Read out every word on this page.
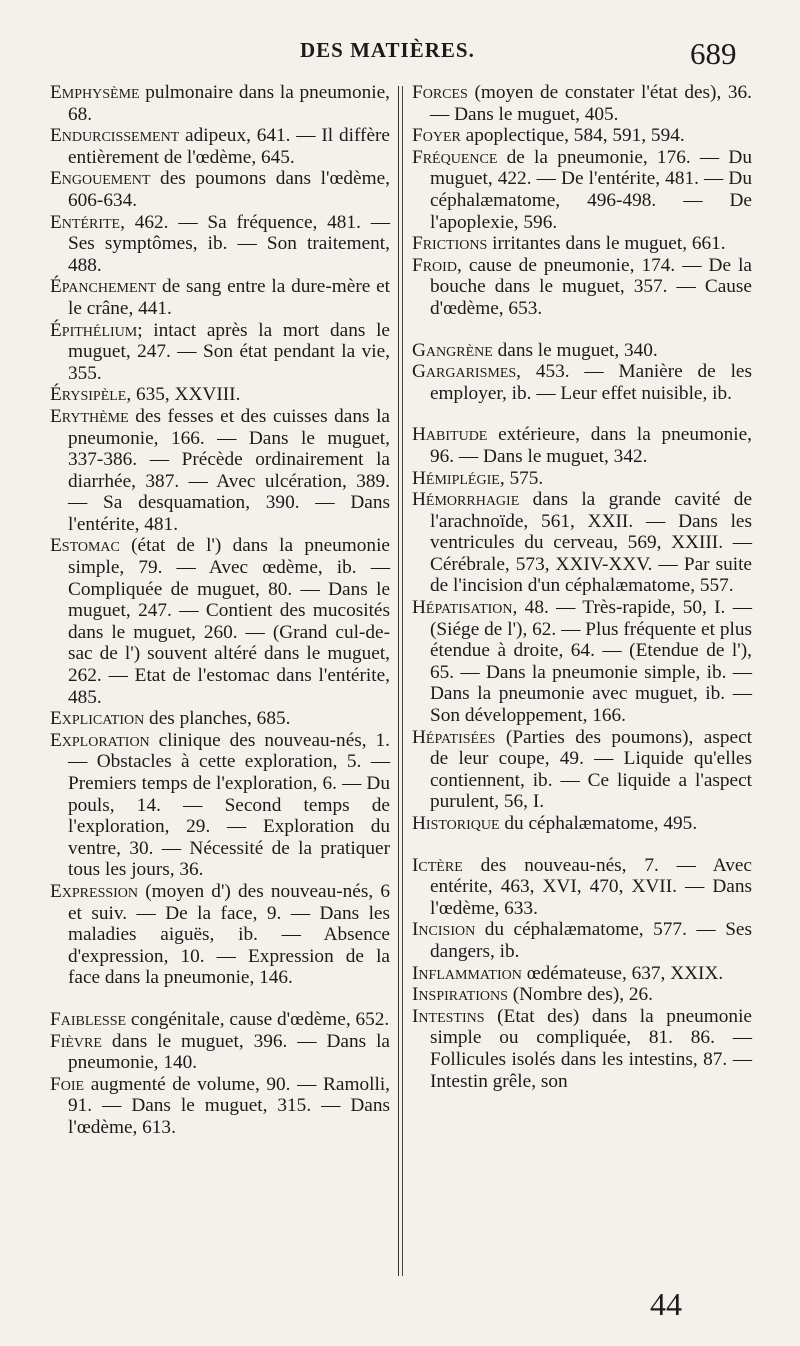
DES MATIÈRES.	689

Emphysème pulmonaire dans la pneumonie, 68.

Endurcissement adipeux, 641. — Il diffère entièrement de l'œdème, 645.

Engouement des poumons dans l'œdème, 606-634.

Entérite, 462. — Sa fréquence, 481. — Ses symptômes, ib. — Son traitement, 488.

Épanchement de sang entre la dure-mère et le crâne, 441.

Épithélium; intact après la mort dans le muguet, 247. — Son état pendant la vie, 355.

Érysipèle, 635, XXVIII.

Erythème des fesses et des cuisses dans la pneumonie, 166. — Dans le muguet, 337-386. — Précède ordinairement la diarrhée, 387. — Avec ulcération, 389. — Sa desquamation, 390. — Dans l'entérite, 481.

Estomac (état de l') dans la pneumonie simple, 79. — Avec œdème, ib. — Compliquée de muguet, 80. — Dans le muguet, 247. — Contient des mucosités dans le muguet, 260. — (Grand cul-de-sac de l') souvent altéré dans le muguet, 262. — Etat de l'estomac dans l'entérite, 485.

Explication des planches, 685.

Exploration clinique des nouveau-nés, 1. — Obstacles à cette exploration, 5. — Premiers temps de l'exploration, 6. — Du pouls, 14. — Second temps de l'exploration, 29. — Exploration du ventre, 30. — Nécessité de la pratiquer tous les jours, 36.

Expression (moyen d') des nouveau-nés, 6 et suiv. — De la face, 9. — Dans les maladies aiguës, ib. — Absence d'expression, 10. — Expression de la face dans la pneumonie, 146.

Faiblesse congénitale, cause d'œdème, 652.

Fièvre dans le muguet, 396. — Dans la pneumonie, 140.

Foie augmenté de volume, 90. — Ramolli, 91. — Dans le muguet, 315. — Dans l'œdème, 613.

Forces (moyen de constater l'état des), 36. — Dans le muguet, 405.

Foyer apoplectique, 584, 591, 594.

Fréquence de la pneumonie, 176. — Du muguet, 422. — De l'entérite, 481. — Du céphalæmatome, 496-498. — De l'apoplexie, 596.

Frictions irritantes dans le muguet, 661.

Froid, cause de pneumonie, 174. — De la bouche dans le muguet, 357. — Cause d'œdème, 653.

Gangrène dans le muguet, 340.

Gargarismes, 453. — Manière de les employer, ib. — Leur effet nuisible, ib.

Habitude extérieure, dans la pneumonie, 96. — Dans le muguet, 342.

Hémiplégie, 575.

Hémorrhagie dans la grande cavité de l'arachnoïde, 561, XXII. — Dans les ventricules du cerveau, 569, XXIII. — Cérébrale, 573, XXIV-XXV. — Par suite de l'incision d'un céphalæmatome, 557.

Hépatisation, 48. — Très-rapide, 50, I. — (Siége de l'), 62. — Plus fréquente et plus étendue à droite, 64. — (Etendue de l'), 65. — Dans la pneumonie simple, ib. — Dans la pneumonie avec muguet, ib. — Son développement, 166.

Hépatisées (Parties des poumons), aspect de leur coupe, 49. — Liquide qu'elles contiennent, ib. — Ce liquide a l'aspect purulent, 56, I.

Historique du céphalæmatome, 495.

Ictère des nouveau-nés, 7. — Avec entérite, 463, XVI, 470, XVII. — Dans l'œdème, 633.

Incision du céphalæmatome, 577. — Ses dangers, ib.

Inflammation œdémateuse, 637, XXIX.

Inspirations (Nombre des), 26.

Intestins (Etat des) dans la pneumonie simple ou compliquée, 81. 86. — Follicules isolés dans les intestins, 87. — Intestin grêle, son

44
